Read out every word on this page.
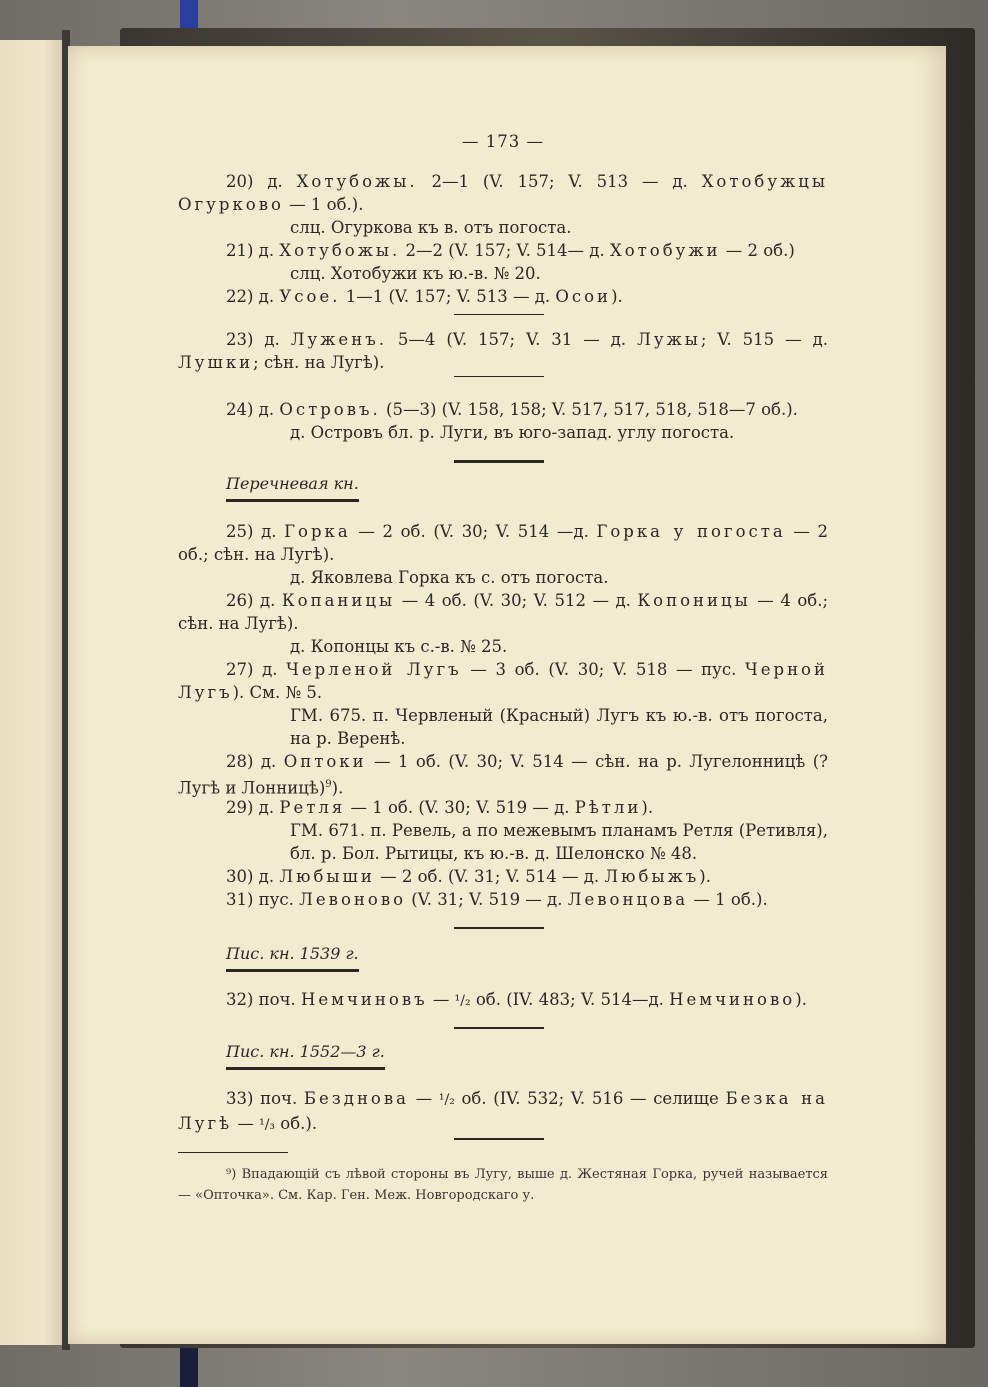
— 173 —
20) д. Хотубожы. 2—1 (V. 157; V. 513 — д. Хотобужцы Огурково — 1 об.).
слц. Огуркова къ в. отъ погоста.
21) д. Хотубожы. 2—2 (V. 157; V. 514— д. Хотобужи — 2 об.)
слц. Хотобужи къ ю.-в. № 20.
22) д. Усое. 1—1 (V. 157; V. 513 — д. Осои).
23) д. Луженъ. 5—4 (V. 157; V. 31 — д. Лужы; V. 515 — д. Лушки; сѣн. на Лугѣ).
24) д. Островъ. (5—3) (V. 158, 158; V. 517, 517, 518, 518—7 об.).
д. Островъ бл. р. Луги, въ юго-запад. углу погоста.
Перечневая кн.
25) д. Горка — 2 об. (V. 30; V. 514 —д. Горка у погоста — 2 об.; сѣн. на Лугѣ).
д. Яковлева Горка къ с. отъ погоста.
26) д. Копаницы — 4 об. (V. 30; V. 512 — д. Копоницы — 4 об.; сѣн. на Лугѣ).
д. Копонцы къ с.-в. № 25.
27) д. Черленой Лугъ — 3 об. (V. 30; V. 518 — пус. Черной Лугъ). См. № 5.
ГМ. 675. п. Червленый (Красный) Лугъ къ ю.-в. отъ погоста, на р. Веренѣ.
28) д. Оптоки — 1 об. (V. 30; V. 514 — сѣн. на р. Лугелонницѣ (? Лугѣ и Лонницѣ)$^9$).
29) д. Ретля — 1 об. (V. 30; V. 519 — д. Рѣтли).
ГМ. 671. п. Ревель, а по межевымъ планамъ Ретля (Ретивля), бл. р. Бол. Рытицы, къ ю.-в. д. Шелонско № 48.
30) д. Любыши — 2 об. (V. 31; V. 514 — д. Любыжъ).
31) пус. Левоново (V. 31; V. 519 — д. Левонцова — 1 об.).
Пис. кн. 1539 г.
32) поч. Немчиновъ — ¹/₂ об. (IV. 483; V. 514—д. Немчиново).
Пис. кн. 1552—3 г.
33) поч. Безднова — ¹/₂ об. (IV. 532; V. 516 — селище Безка на Лугѣ — ¹/₃ об.).
⁹) Впадающій съ лѣвой стороны въ Лугу, выше д. Жестяная Горка, ручей называется — «Опточка». См. Кар. Ген. Меж. Новгородскаго у.
